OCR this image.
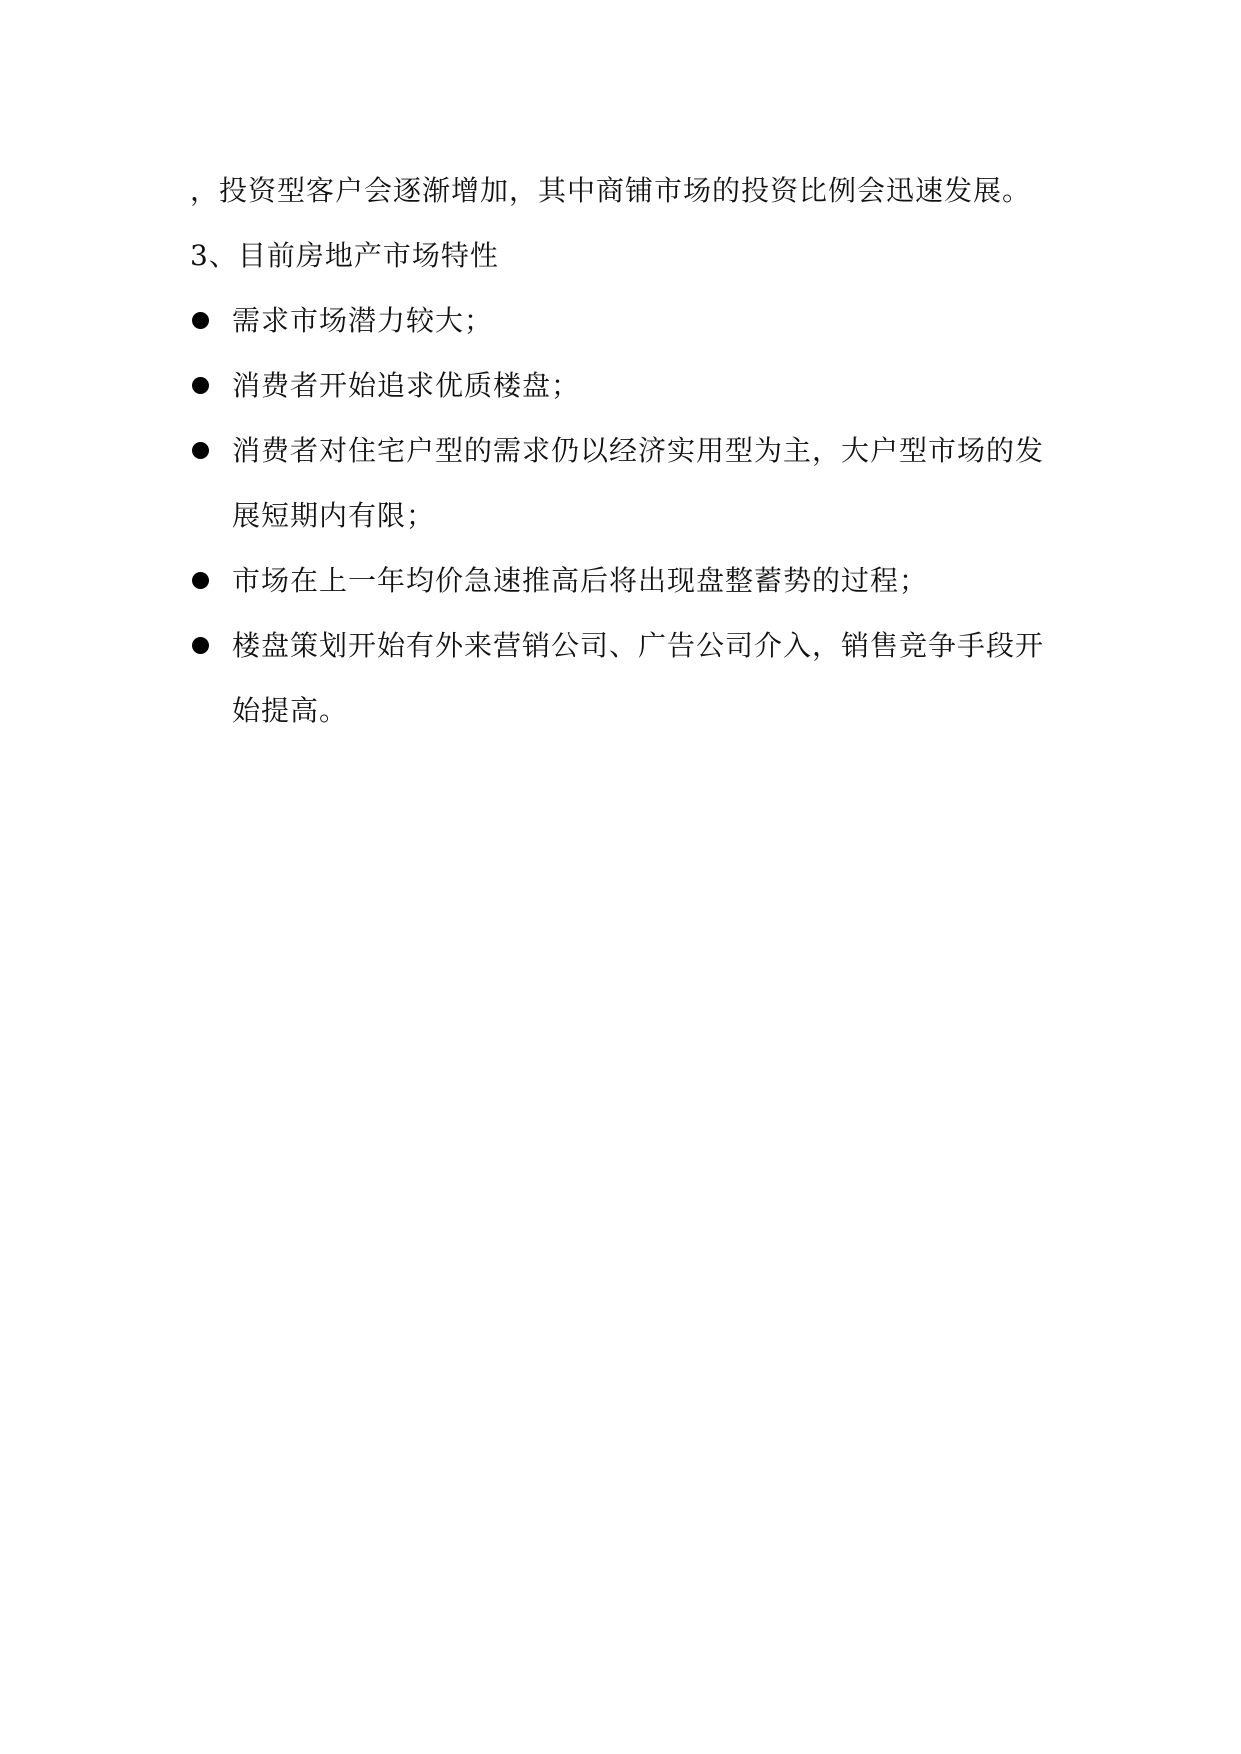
，投资型客户会逐渐增加，其中商铺市场的投资比例会迅速发展。

3、目前房地产市场特性

需求市场潜力较大；
消费者开始追求优质楼盘；
消费者对住宅户型的需求仍以经济实用型为主，大户型市场的发展短期内有限；
市场在上一年均价急速推高后将出现盘整蓄势的过程；
楼盘策划开始有外来营销公司、广告公司介入，销售竞争手段开始提高。
